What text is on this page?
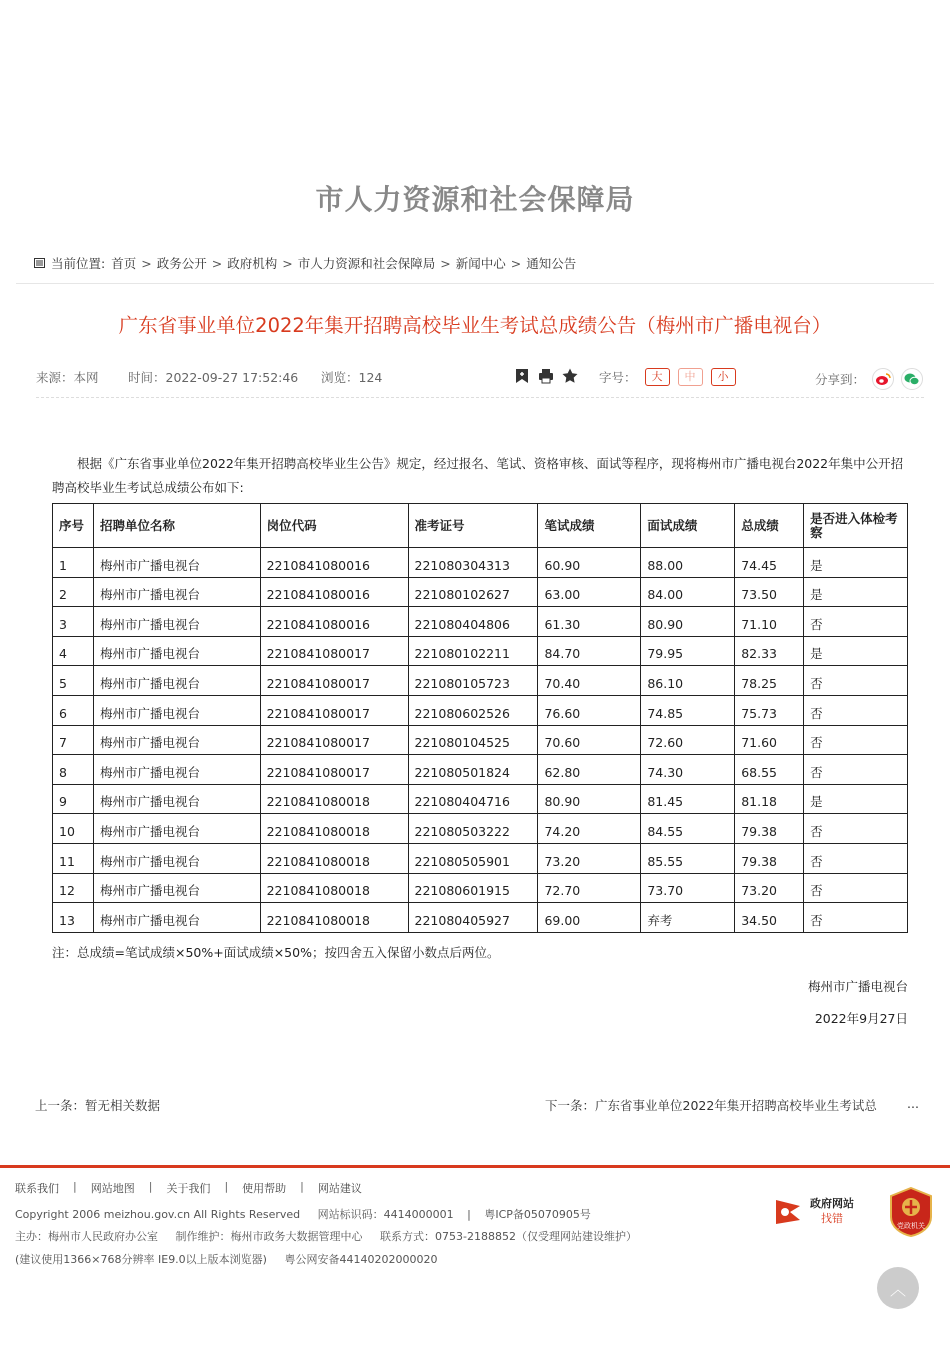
市人力资源和社会保障局
当前位置: 首页 > 政务公开 > 政府机构 > 市人力资源和社会保障局 > 新闻中心 > 通知公告
广东省事业单位2022年集开招聘高校毕业生考试总成绩公告（梅州市广播电视台）
来源：本网 时间：2022-09-27 17:52:46 浏览：124	字号：	大	中	小	分享到：

根据《广东省事业单位2022年集开招聘高校毕业生公告》规定，经过报名、笔试、资格审核、面试等程序，现将梅州市广播电视台2022年集中公开招聘高校毕业生考试总成绩公布如下:

序号	招聘单位名称	岗位代码	准考证号	笔试成绩	面试成绩	总成绩	是否进入体检考察
1	梅州市广播电视台	2210841080016	221080304313	60.90	88.00	74.45	是
2	梅州市广播电视台	2210841080016	221080102627	63.00	84.00	73.50	是
3	梅州市广播电视台	2210841080016	221080404806	61.30	80.90	71.10	否
4	梅州市广播电视台	2210841080017	221080102211	84.70	79.95	82.33	是
5	梅州市广播电视台	2210841080017	221080105723	70.40	86.10	78.25	否
6	梅州市广播电视台	2210841080017	221080602526	76.60	74.85	75.73	否
7	梅州市广播电视台	2210841080017	221080104525	70.60	72.60	71.60	否
8	梅州市广播电视台	2210841080017	221080501824	62.80	74.30	68.55	否
9	梅州市广播电视台	2210841080018	221080404716	80.90	81.45	81.18	是
10	梅州市广播电视台	2210841080018	221080503222	74.20	84.55	79.38	否
11	梅州市广播电视台	2210841080018	221080505901	73.20	85.55	79.38	否
12	梅州市广播电视台	2210841080018	221080601915	72.70	73.70	73.20	否
13	梅州市广播电视台	2210841080018	221080405927	69.00	弃考	34.50	否

注：总成绩=笔试成绩×50%+面试成绩×50%；按四舍五入保留小数点后两位。

梅州市广播电视台

2022年9月27日

上一条：暂无相关数据	下一条：广东省事业单位2022年集开招聘高校毕业生考试总 ...
联系我们 | 网站地图 | 关于我们 | 使用帮助 | 网站建议
Copyright 2006 meizhou.gov.cn All Rights Reserved 网站标识码：4414000001 | 粤ICP备05070905号
主办：梅州市人民政府办公室 制作维护：梅州市政务大数据管理中心 联系方式：0753-2188852（仅受理网站建设维护）
(建议使用1366×768分辨率 IE9.0以上版本浏览器) 粤公网安备44140202000020
政府网站
找错
党政机关
︿
